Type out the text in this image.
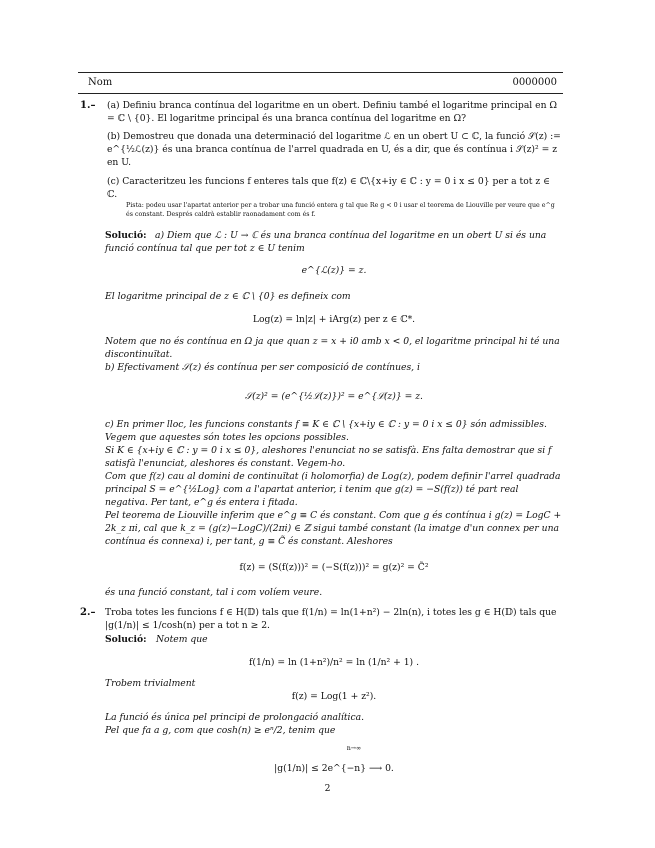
Nom	0000000
1.– (a) Definiu branca contínua del logaritme en un obert. Definiu també el logaritme principal en Ω = ℂ \ {0}. El logaritme principal és una branca contínua del logaritme en Ω?
(b) Demostreu que donada una determinació del logaritme ℒ en un obert U ⊂ ℂ, la funció 𝒮(z) := e^{½ℒ(z)} és una branca contínua de l'arrel quadrada en U, és a dir, que és contínua i 𝒮(z)² = z en U.
(c) Caracteritzeu les funcions f enteres tals que f(z) ∈ ℂ\{x+iy ∈ ℂ : y = 0 i x ≤ 0} per a tot z ∈ ℂ.
Pista: podeu usar l'apartat anterior per a trobar una funció entera g tal que Re g < 0 i usar el teorema de Liouville per veure que e^g és constant. Després caldrà establir raonadament com és f.
Solució: a) Diem que ℒ : U → ℂ és una branca contínua del logaritme en un obert U si és una funció contínua tal que per tot z ∈ U tenim
e^{ℒ(z)} = z.
El logaritme principal de z ∈ ℂ \ {0} es defineix com
Log(z) = ln|z| + iArg(z) per z ∈ ℂ*.
Notem que no és contínua en Ω ja que quan z = x + i0 amb x < 0, el logaritme principal hi té una discontinuïtat.
b) Efectivament 𝒮(z) és contínua per ser composició de contínues, i
𝒮(z)² = (e^{½ℒ(z)})² = e^{ℒ(z)} = z.
c) En primer lloc, les funcions constants f ≡ K ∈ ℂ \ {x+iy ∈ ℂ : y = 0 i x ≤ 0} són admissibles. Vegem que aquestes són totes les opcions possibles.
Si K ∈ {x+iy ∈ ℂ : y = 0 i x ≤ 0}, aleshores l'enunciat no se satisfà. Ens falta demostrar que si f satisfà l'enunciat, aleshores és constant. Vegem-ho.
Com que f(z) cau al domini de continuïtat (i holomorfia) de Log(z), podem definir l'arrel quadrada principal S = e^{½Log} com a l'apartat anterior, i tenim que g(z) = −S(f(z)) té part real negativa. Per tant, e^g és entera i fitada.
Pel teorema de Liouville inferim que e^g ≡ C és constant. Com que g és contínua i g(z) = LogC + 2k_z πi, cal que k_z = (g(z)−LogC)/(2πi) ∈ ℤ sigui també constant (la imatge d'un connex per una contínua és connexa) i, per tant, g ≡ C̃ és constant. Aleshores
f(z) = (S(f(z)))² = (−S(f(z)))² = g(z)² = C̃²
és una funció constant, tal i com volíem veure.
2.– Troba totes les funcions f ∈ H(𝔻) tals que f(1/n) = ln(1+n²) − 2ln(n), i totes les g ∈ H(𝔻) tals que |g(1/n)| ≤ 1/cosh(n) per a tot n ≥ 2.
Solució: Notem que
f(1/n) = ln (1+n²)/n² = ln (1/n² + 1) .
Trobem trivialment
f(z) = Log(1 + z²).
La funció és única pel principi de prolongació analítica.
Pel que fa a g, com que cosh(n) ≥ eⁿ/2, tenim que
$^{n\to\infty}$
|g(1/n)| ≤ 2e^{−n} ⟶ 0.
2
